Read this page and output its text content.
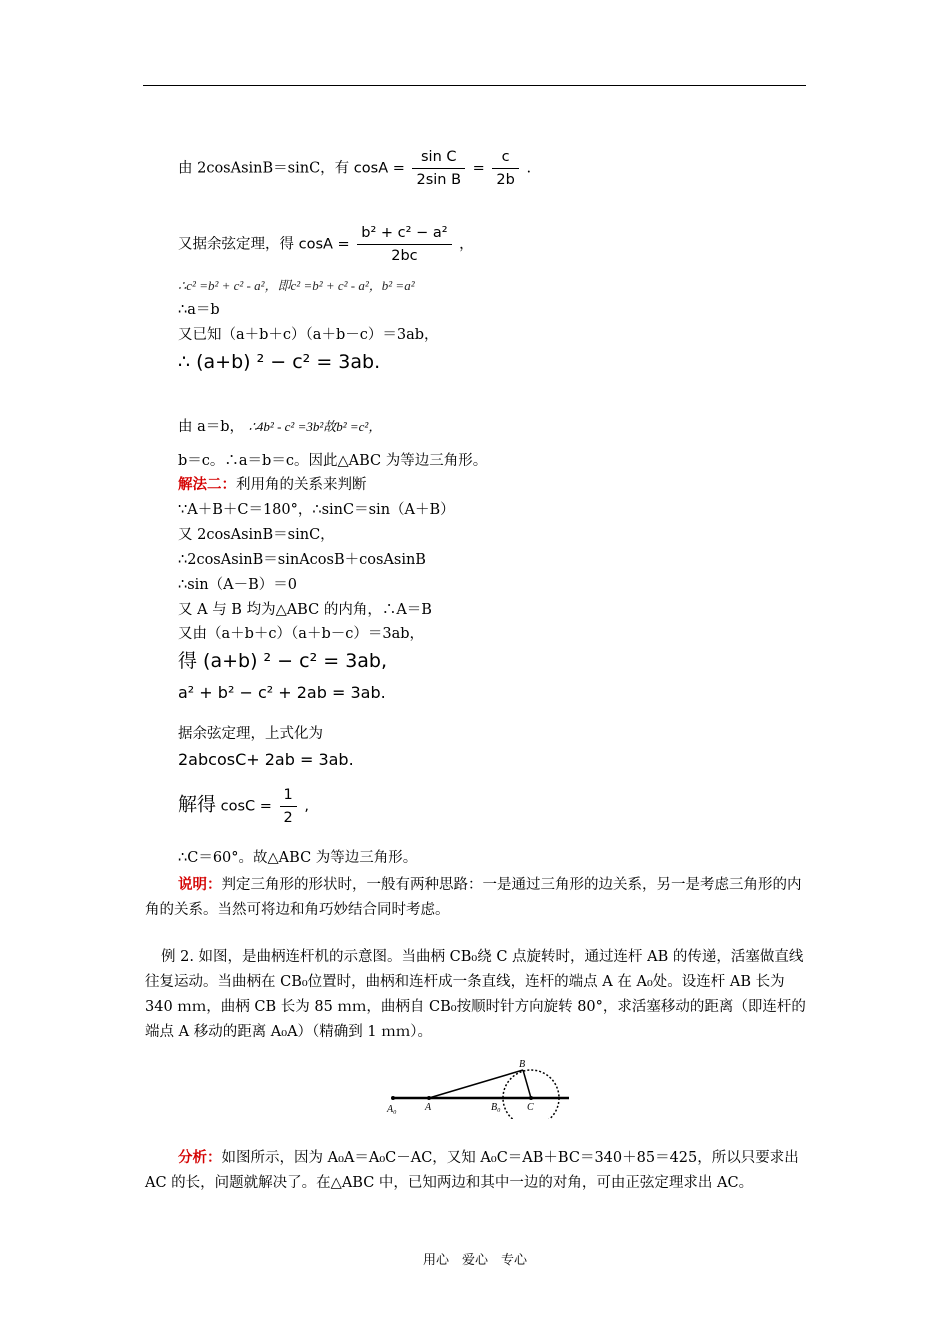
由 2cosAsinB＝sinC，有 $\cos A = \frac{\text{sin C}}{\text{2sin B}} = \frac{c}{2b}$ .
又据余弦定理，得 $\cos A = \frac{\text{b² + c² − a²}}{2bc}$ ，
∴c² =b² + c² - a²，即c² =b² + c² - a²，b² =a²
∴a＝b
又已知（a＋b＋c）（a＋b－c）＝3ab，
∴ (a+b) ² − c² = 3ab.
由 a＝b， ∴4b² - c² =3b²故b² =c²，
b＝c。∴a＝b＝c。因此△ABC 为等边三角形。
解法二：利用角的关系来判断
∵A＋B＋C＝180°，∴sinC＝sin（A＋B）
又 2cosAsinB＝sinC，
∴2cosAsinB＝sinAcosB＋cosAsinB
∴sin（A－B）＝0
又 A 与 B 均为△ABC 的内角，∴A＝B
又由（a＋b＋c）（a＋b－c）＝3ab，
得 (a+b) ² − c² = 3ab,
a² + b² − c² + 2ab = 3ab.
据余弦定理，上式化为
2abcosC+ 2ab = 3ab.
解得 $\cos C = \frac{1}{2}$ ,
∴C＝60°。故△ABC 为等边三角形。
说明：判定三角形的形状时，一般有两种思路：一是通过三角形的边关系，另一是考虑三角形的内角的关系。当然可将边和角巧妙结合同时考虑。
例 2. 如图，是曲柄连杆机的示意图。当曲柄 CB₀绕 C 点旋转时，通过连杆 AB 的传递，活塞做直线往复运动。当曲柄在 CB₀位置时，曲柄和连杆成一条直线，连杆的端点 A 在 A₀处。设连杆 AB 长为 340 ｍｍ，曲柄 CB 长为 85 ｍｍ，曲柄自 CB₀按顺时针方向旋转 80°，求活塞移动的距离（即连杆的端点 A 移动的距离 A₀A）（精确到 1 ｍｍ）。
A₀	A	B₀
B
C
分析：如图所示，因为 A₀A＝A₀C－AC，又知 A₀C＝AB＋BC＝340＋85＝425，所以只要求出 AC 的长，问题就解决了。在△ABC 中，已知两边和其中一边的对角，可由正弦定理求出 AC。
用心　爱心　专心
